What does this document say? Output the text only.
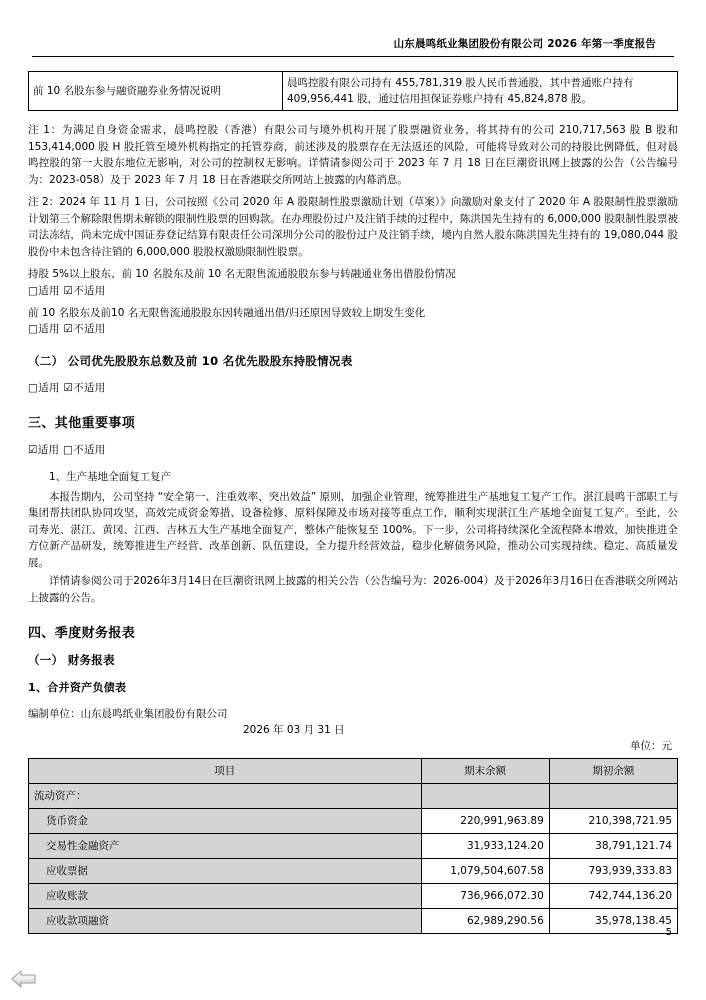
山东晨鸣纸业集团股份有限公司 2026 年第一季度报告
前 10 名股东参与融资融券业务情况说明	晨鸣控股有限公司持有 455,781,319 股人民币普通股，其中普通账户持有 409,956,441 股，通过信用担保证券账户持有 45,824,878 股。

注 1：为满足自身资金需求，晨鸣控股（香港）有限公司与境外机构开展了股票融资业务，将其持有的公司 210,717,563 股 B 股和 153,414,000 股 H 股托管至境外机构指定的托管券商，前述涉及的股票存在无法返还的风险，可能将导致对公司的持股比例降低，但对晨鸣控股的第一大股东地位无影响，对公司的控制权无影响。详情请参阅公司于 2023 年 7 月 18 日在巨潮资讯网上披露的公告（公告编号为：2023-058）及于 2023 年 7 月 18 日在香港联交所网站上披露的内幕消息。

注 2：2024 年 11 月 1 日，公司按照《公司 2020 年 A 股限制性股票激励计划（草案）》向激励对象支付了 2020 年 A 股限制性股票激励计划第三个解除限售期未解锁的限制性股票的回购款。在办理股份过户及注销手续的过程中，陈洪国先生持有的 6,000,000 股限制性股票被司法冻结，尚未完成中国证券登记结算有限责任公司深圳分公司的股份过户及注销手续，境内自然人股东陈洪国先生持有的 19,080,044 股股份中未包含待注销的 6,000,000 股股权激励限制性股票。

持股 5%以上股东、前 10 名股东及前 10 名无限售流通股股东参与转融通业务出借股份情况

□适用 ☑不适用

前 10 名股东及前10 名无限售流通股股东因转融通出借/归还原因导致较上期发生变化

□适用 ☑不适用

（二） 公司优先股股东总数及前 10 名优先股股东持股情况表

□适用 ☑不适用

三、其他重要事项

☑适用 □不适用

1、生产基地全面复工复产

本报告期内，公司坚持 “安全第一、注重效率、突出效益” 原则，加强企业管理，统筹推进生产基地复工复产工作。湛江晨鸣干部职工与集团帮扶团队协同攻坚，高效完成资金筹措、设备检修、原料保障及市场对接等重点工作，顺利实现湛江生产基地全面复工复产。至此，公司寿光、湛江、黄冈、江西、吉林五大生产基地全面复产，整体产能恢复至 100%。下一步，公司将持续深化全流程降本增效，加快推进全方位新产品研发，统筹推进生产经营、改革创新、队伍建设，全力提升经营效益，稳步化解债务风险，推动公司实现持续、稳定、高质量发展。

详情请参阅公司于2026年3月14日在巨潮资讯网上披露的相关公告（公告编号为：2026-004）及于2026年3月16日在香港联交所网站上披露的公告。

四、季度财务报表
（一） 财务报表
1、合并资产负债表

编制单位：山东晨鸣纸业集团股份有限公司

2026 年 03 月 31 日

单位：元

项目	期末余额	期初余额
流动资产：		
货币资金	220,991,963.89	210,398,721.95
交易性金融资产	31,933,124.20	38,791,121.74
应收票据	1,079,504,607.58	793,939,333.83
应收账款	736,966,072.30	742,744,136.20
应收款项融资	62,989,290.56	35,978,138.45
5
